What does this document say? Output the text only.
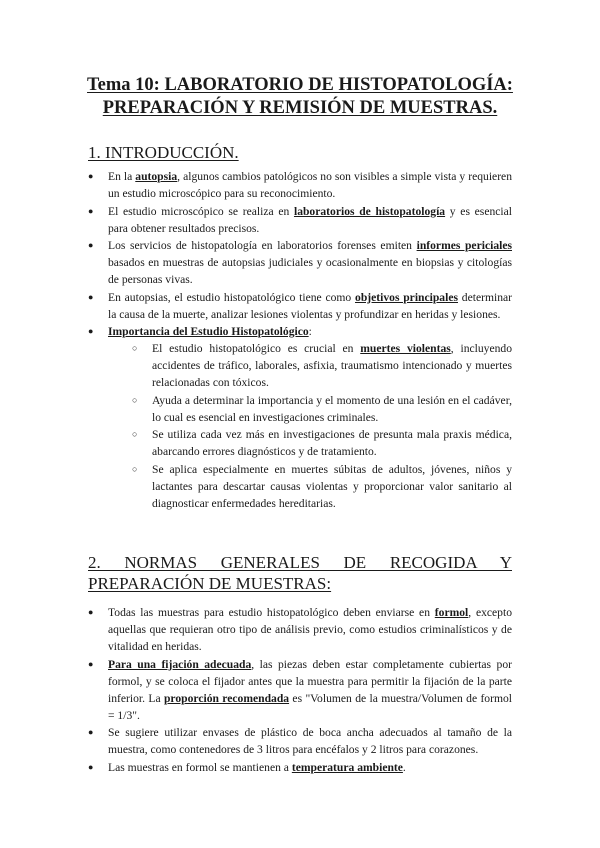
Tema 10: LABORATORIO DE HISTOPATOLOGÍA:
PREPARACIÓN Y REMISIÓN DE MUESTRAS.
1. INTRODUCCIÓN.
● En la autopsia, algunos cambios patológicos no son visibles a simple vista y requieren un estudio microscópico para su reconocimiento.
● El estudio microscópico se realiza en laboratorios de histopatología y es esencial para obtener resultados precisos.
● Los servicios de histopatología en laboratorios forenses emiten informes periciales basados en muestras de autopsias judiciales y ocasionalmente en biopsias y citologías de personas vivas.
● En autopsias, el estudio histopatológico tiene como objetivos principales determinar la causa de la muerte, analizar lesiones violentas y profundizar en heridas y lesiones.
● Importancia del Estudio Histopatológico:
○ El estudio histopatológico es crucial en muertes violentas, incluyendo accidentes de tráfico, laborales, asfixia, traumatismo intencionado y muertes relacionadas con tóxicos.
○ Ayuda a determinar la importancia y el momento de una lesión en el cadáver, lo cual es esencial en investigaciones criminales.
○ Se utiliza cada vez más en investigaciones de presunta mala praxis médica, abarcando errores diagnósticos y de tratamiento.
○ Se aplica especialmente en muertes súbitas de adultos, jóvenes, niños y lactantes para descartar causas violentas y proporcionar valor sanitario al diagnosticar enfermedades hereditarias.
2. NORMAS GENERALES DE RECOGIDA Y

PREPARACIÓN DE MUESTRAS:
● Todas las muestras para estudio histopatológico deben enviarse en formol, excepto aquellas que requieran otro tipo de análisis previo, como estudios criminalísticos y de vitalidad en heridas.
● Para una fijación adecuada, las piezas deben estar completamente cubiertas por formol, y se coloca el fijador antes que la muestra para permitir la fijación de la parte inferior. La proporción recomendada es "Volumen de la muestra/Volumen de formol = 1/3".
● Se sugiere utilizar envases de plástico de boca ancha adecuados al tamaño de la muestra, como contenedores de 3 litros para encéfalos y 2 litros para corazones.
● Las muestras en formol se mantienen a temperatura ambiente.
